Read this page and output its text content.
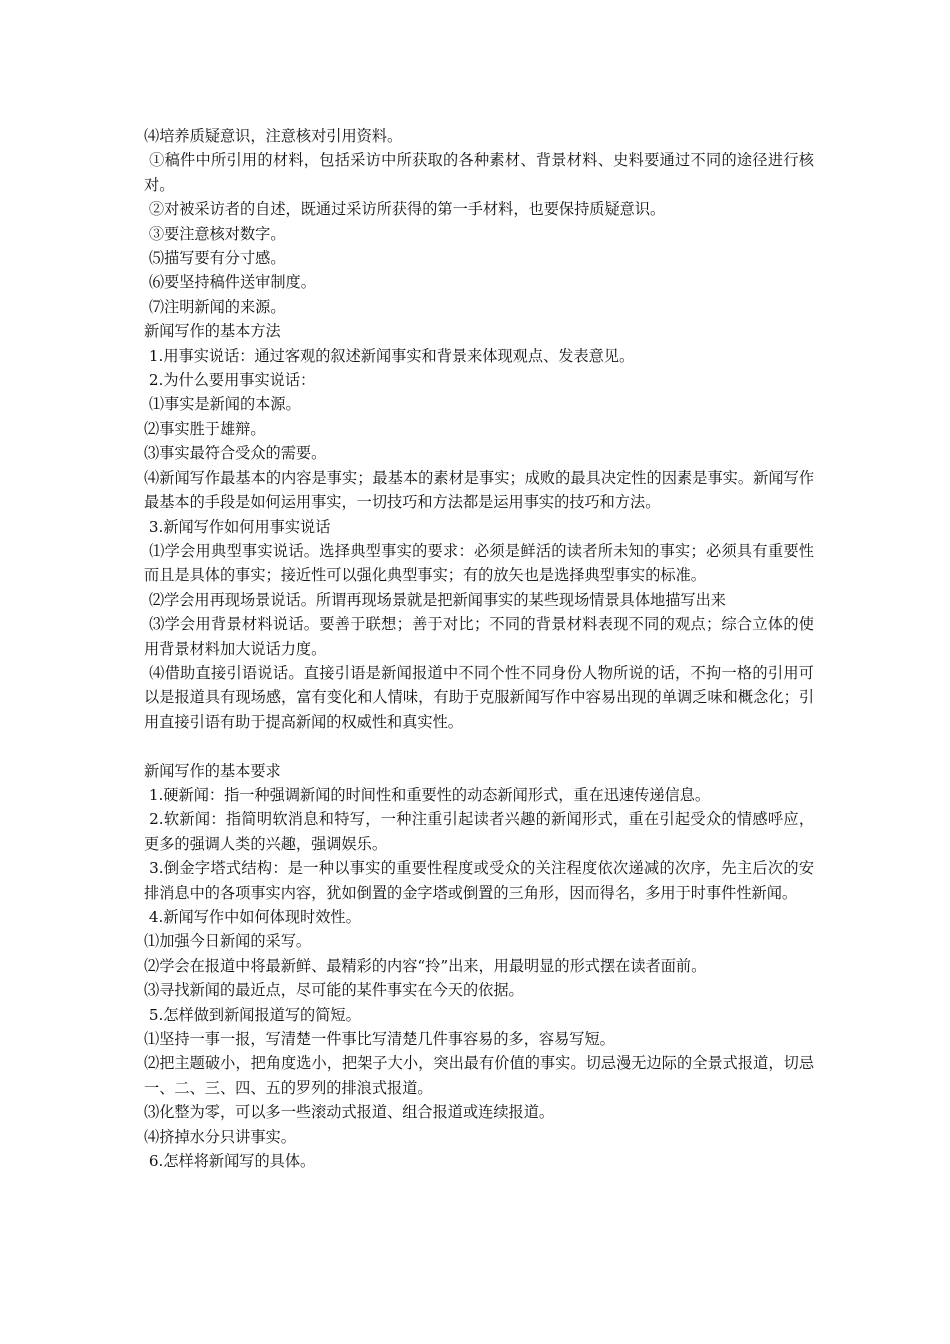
⑷培养质疑意识，注意核对引用资料。

①稿件中所引用的材料，包括采访中所获取的各种素材、背景材料、史料要通过不同的途径进行核对。

②对被采访者的自述，既通过采访所获得的第一手材料，也要保持质疑意识。

③要注意核对数字。

⑸描写要有分寸感。

⑹要坚持稿件送审制度。

⑺注明新闻的来源。

新闻写作的基本方法

1.用事实说话：通过客观的叙述新闻事实和背景来体现观点、发表意见。

2.为什么要用事实说话：

⑴事实是新闻的本源。

⑵事实胜于雄辩。

⑶事实最符合受众的需要。

⑷新闻写作最基本的内容是事实；最基本的素材是事实；成败的最具决定性的因素是事实。新闻写作最基本的手段是如何运用事实，一切技巧和方法都是运用事实的技巧和方法。

3.新闻写作如何用事实说话

⑴学会用典型事实说话。选择典型事实的要求：必须是鲜活的读者所未知的事实；必须具有重要性而且是具体的事实；接近性可以强化典型事实；有的放矢也是选择典型事实的标准。

⑵学会用再现场景说话。所谓再现场景就是把新闻事实的某些现场情景具体地描写出来

⑶学会用背景材料说话。要善于联想；善于对比；不同的背景材料表现不同的观点；综合立体的使用背景材料加大说话力度。

⑷借助直接引语说话。直接引语是新闻报道中不同个性不同身份人物所说的话，不拘一格的引用可以是报道具有现场感，富有变化和人情味，有助于克服新闻写作中容易出现的单调乏味和概念化；引用直接引语有助于提高新闻的权威性和真实性。

新闻写作的基本要求

1.硬新闻：指一种强调新闻的时间性和重要性的动态新闻形式，重在迅速传递信息。

2.软新闻：指简明软消息和特写，一种注重引起读者兴趣的新闻形式，重在引起受众的情感呼应，更多的强调人类的兴趣，强调娱乐。

3.倒金字塔式结构：是一种以事实的重要性程度或受众的关注程度依次递减的次序，先主后次的安排消息中的各项事实内容，犹如倒置的金字塔或倒置的三角形，因而得名，多用于时事件性新闻。

4.新闻写作中如何体现时效性。

⑴加强今日新闻的采写。

⑵学会在报道中将最新鲜、最精彩的内容“拎”出来，用最明显的形式摆在读者面前。

⑶寻找新闻的最近点，尽可能的某件事实在今天的依据。

5.怎样做到新闻报道写的简短。

⑴坚持一事一报，写清楚一件事比写清楚几件事容易的多，容易写短。

⑵把主题破小，把角度选小，把架子大小，突出最有价值的事实。切忌漫无边际的全景式报道，切忌一、二、三、四、五的罗列的排浪式报道。

⑶化整为零，可以多一些滚动式报道、组合报道或连续报道。

⑷挤掉水分只讲事实。

6.怎样将新闻写的具体。
